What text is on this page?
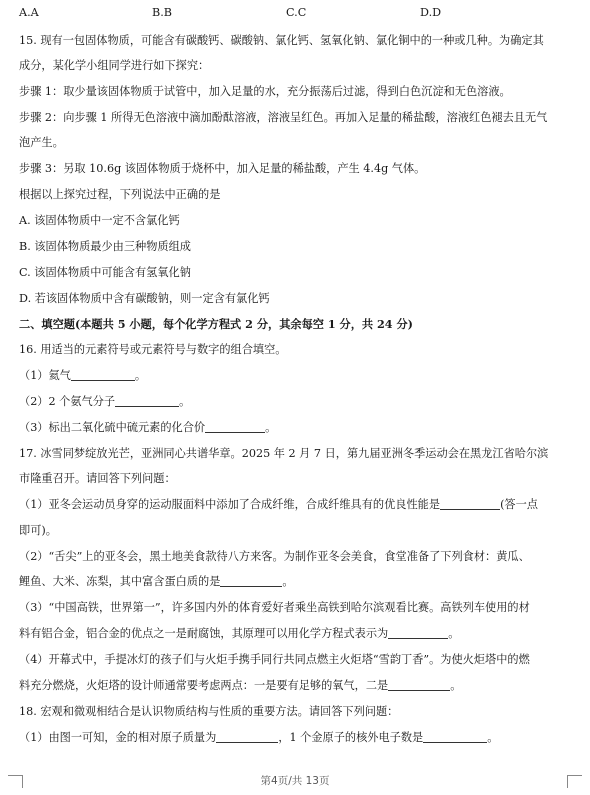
A.A	B.B	C.C	D.D
15. 现有一包固体物质，可能含有碳酸钙、碳酸钠、氯化钙、氢氧化钠、氯化铜中的一种或几种。为确定其
成分，某化学小组同学进行如下探究：
步骤 1：取少量该固体物质于试管中，加入足量的水，充分振荡后过滤，得到白色沉淀和无色溶液。
步骤 2：向步骤 1 所得无色溶液中滴加酚酞溶液，溶液呈红色。再加入足量的稀盐酸，溶液红色褪去且无气
泡产生。
步骤 3：另取 10.6g 该固体物质于烧杯中，加入足量的稀盐酸，产生 4.4g 气体。
根据以上探究过程，下列说法中正确的是
A. 该固体物质中一定不含氯化钙
B. 该固体物质最少由三种物质组成
C. 该固体物质中可能含有氢氧化钠
D. 若该固体物质中含有碳酸钠，则一定含有氯化钙
二、填空题(本题共 5 小题，每个化学方程式 2 分，其余每空 1 分，共 24 分)
16. 用适当的元素符号或元素符号与数字的组合填空。
（1）氦气	。
（2）2 个氨气分子	。
（3）标出二氧化硫中硫元素的化合价	。
17. 冰雪同梦绽放光芒，亚洲同心共谱华章。2025 年 2 月 7 日，第九届亚洲冬季运动会在黑龙江省哈尔滨
市隆重召开。请回答下列问题：
（1）亚冬会运动员身穿的运动服面料中添加了合成纤维，合成纤维具有的优良性能是	(答一点
即可)。
（2）“舌尖”上的亚冬会，黑土地美食款待八方来客。为制作亚冬会美食，食堂准备了下列食材：黄瓜、
鲤鱼、大米、冻梨，其中富含蛋白质的是	。
（3）“中国高铁，世界第一”，许多国内外的体育爱好者乘坐高铁到哈尔滨观看比赛。高铁列车使用的材
料有铝合金，铝合金的优点之一是耐腐蚀，其原理可以用化学方程式表示为	。
（4）开幕式中，手提冰灯的孩子们与火炬手携手同行共同点燃主火炬塔“雪韵丁香”。为使火炬塔中的燃
料充分燃烧，火炬塔的设计师通常要考虑两点：一是要有足够的氧气，二是	。
18. 宏观和微观相结合是认识物质结构与性质的重要方法。请回答下列问题：
（1）由图一可知，金的相对原子质量为	，1 个金原子的核外电子数是	。
第4页/共 13页
